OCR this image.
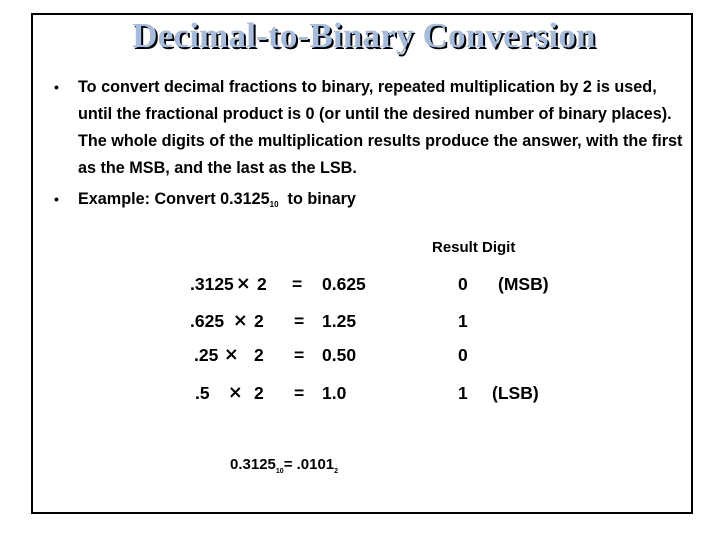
Decimal-to-Binary Conversion
• To convert decimal fractions to binary, repeated multiplication by 2 is used, until the fractional product is 0 (or until the desired number of binary places). The whole digits of the multiplication results produce the answer, with the first as the MSB, and the last as the LSB.
• Example: Convert $0.3125_{10}$  to binary
Result Digit
.3125 × 2 = 0.625	0 (MSB)
.625 × 2 = 1.25	1
.25 × 2 = 0.50	0
.5 × 2 = 1.0	1 (LSB)
$0.3125_{10}= .0101_2$
